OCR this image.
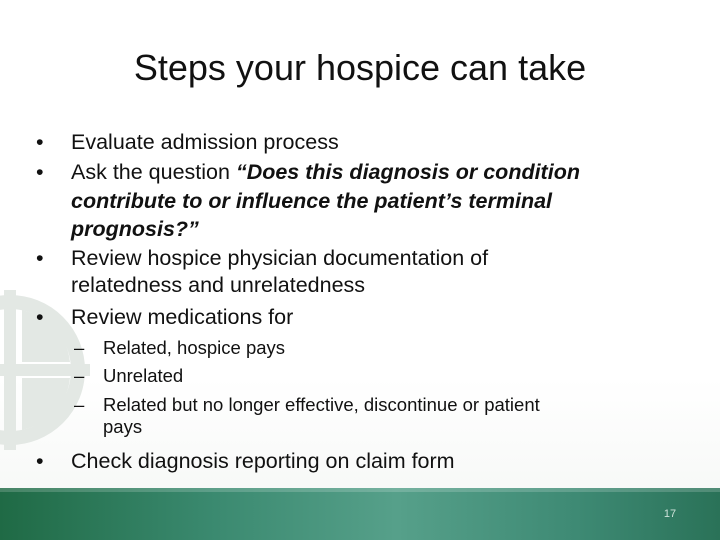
Steps your hospice can take
• Evaluate admission process
• Ask the question “Does this diagnosis or condition
contribute to or influence the patient’s terminal
prognosis?”
• Review hospice physician documentation of
relatedness and unrelatedness
• Review medications for
– Related, hospice pays
– Unrelated
– Related but no longer effective, discontinue or patient
pays
• Check diagnosis reporting on claim form
17
